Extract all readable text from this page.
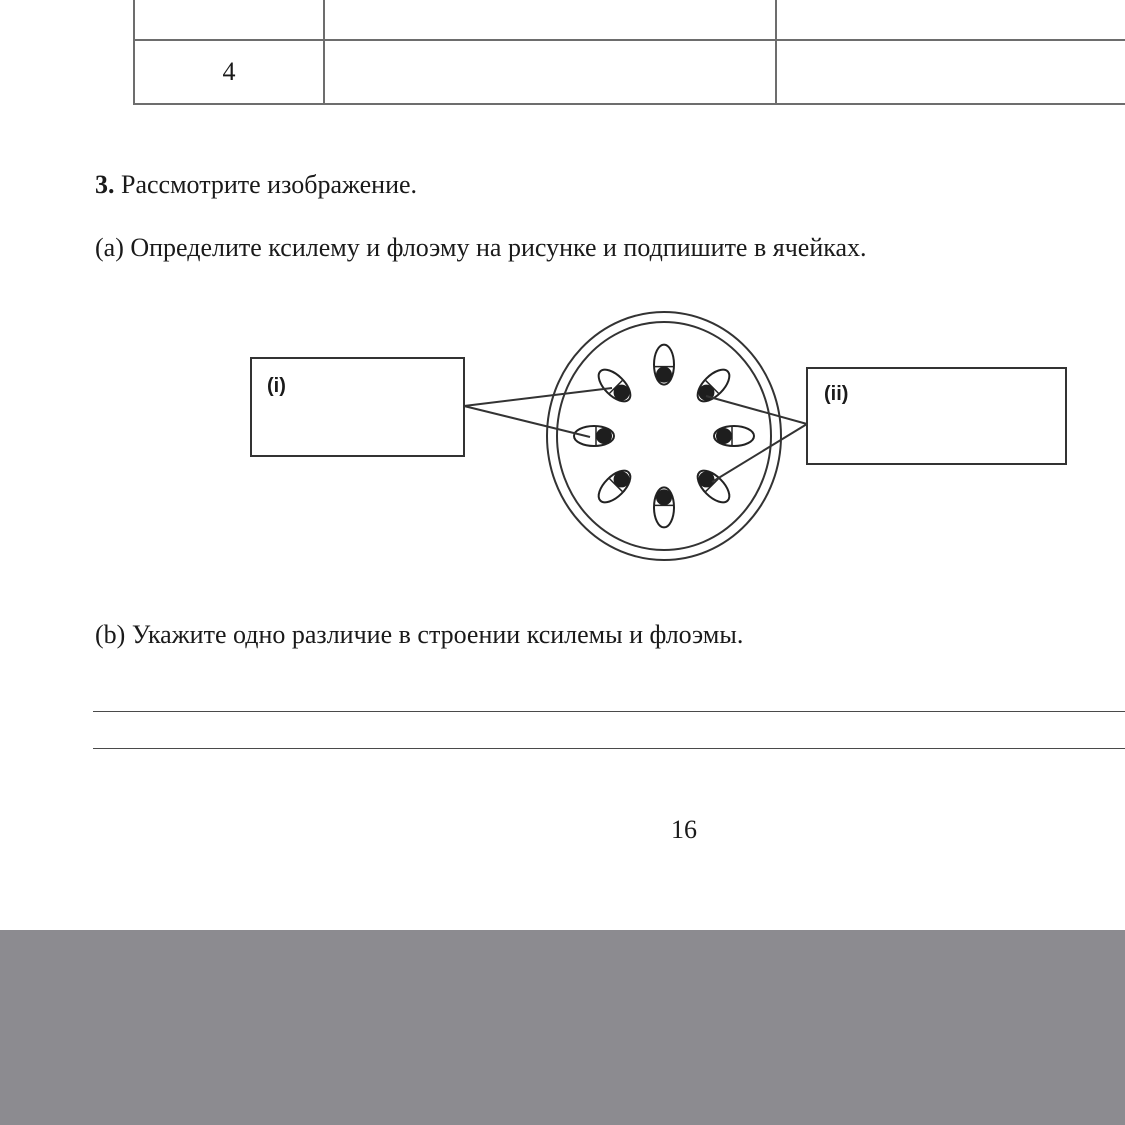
4		
3. Рассмотрите изображение.
(a) Определите ксилему и флоэму на рисунке и подпишите в ячейках.
(i)	(ii)
(b) Укажите одно различие в строении ксилемы и флоэмы.
16
